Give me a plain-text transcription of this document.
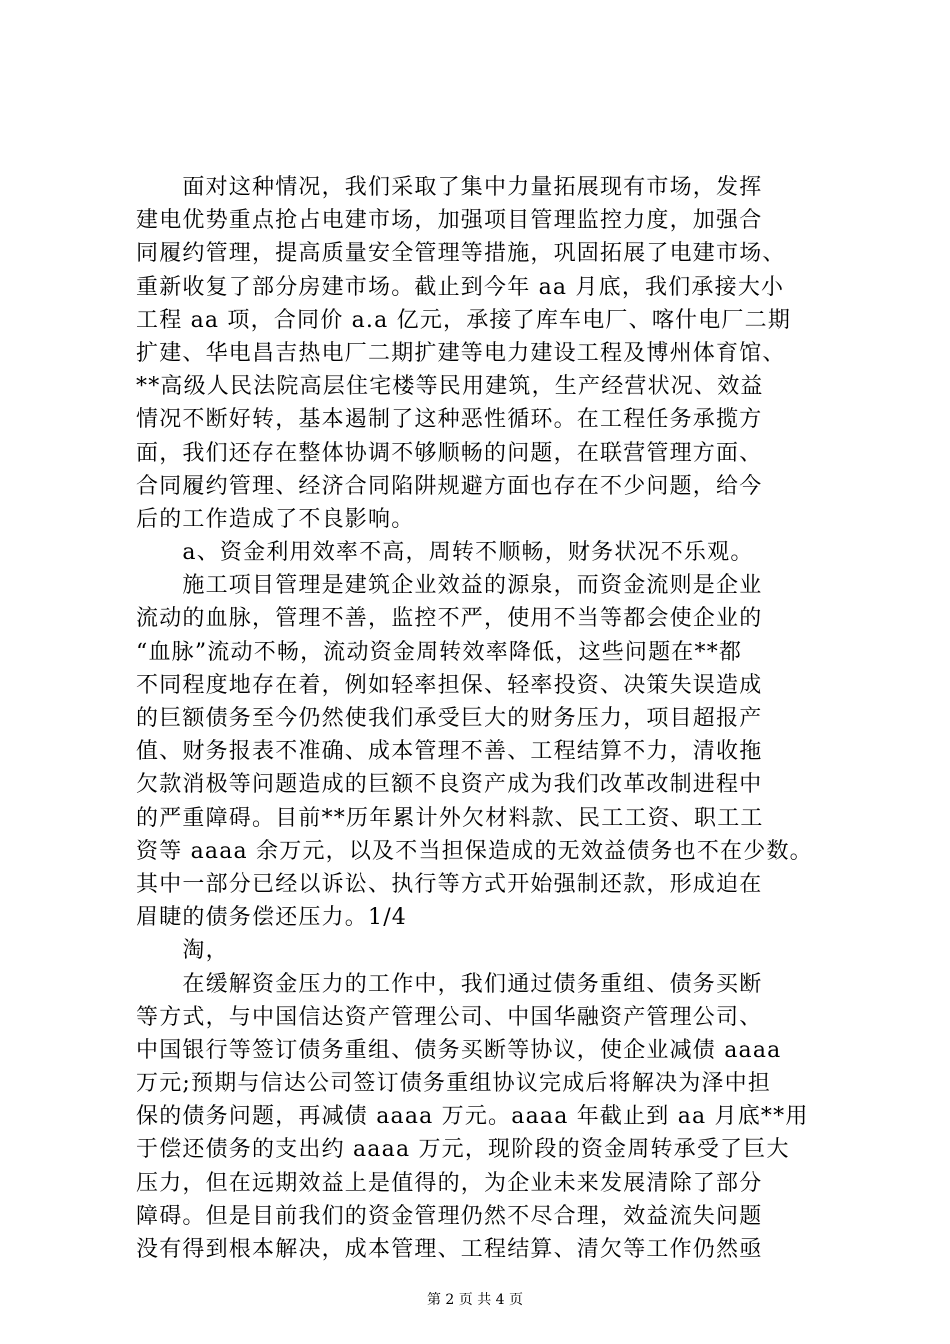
　　面对这种情况，我们采取了集中力量拓展现有市场，发挥
建电优势重点抢占电建市场，加强项目管理监控力度，加强合
同履约管理，提高质量安全管理等措施，巩固拓展了电建市场、
重新收复了部分房建市场。截止到今年 aa 月底，我们承接大小
工程 aa 项，合同价 a.a 亿元，承接了库车电厂、喀什电厂二期
扩建、华电昌吉热电厂二期扩建等电力建设工程及博州体育馆、
**高级人民法院高层住宅楼等民用建筑，生产经营状况、效益
情况不断好转，基本遏制了这种恶性循环。在工程任务承揽方
面，我们还存在整体协调不够顺畅的问题，在联营管理方面、
合同履约管理、经济合同陷阱规避方面也存在不少问题，给今
后的工作造成了不良影响。
　　a、资金利用效率不高，周转不顺畅，财务状况不乐观。
　　施工项目管理是建筑企业效益的源泉，而资金流则是企业
流动的血脉，管理不善，监控不严，使用不当等都会使企业的
“血脉”流动不畅，流动资金周转效率降低，这些问题在**都
不同程度地存在着，例如轻率担保、轻率投资、决策失误造成
的巨额债务至今仍然使我们承受巨大的财务压力，项目超报产
值、财务报表不准确、成本管理不善、工程结算不力，清收拖
欠款消极等问题造成的巨额不良资产成为我们改革改制进程中
的严重障碍。目前**历年累计外欠材料款、民工工资、职工工
资等 aaaa 余万元，以及不当担保造成的无效益债务也不在少数。
其中一部分已经以诉讼、执行等方式开始强制还款，形成迫在
眉睫的债务偿还压力。1/4
　　淘，
　　在缓解资金压力的工作中，我们通过债务重组、债务买断
等方式，与中国信达资产管理公司、中国华融资产管理公司、
中国银行等签订债务重组、债务买断等协议，使企业减债 aaaa
万元;预期与信达公司签订债务重组协议完成后将解决为泽中担
保的债务问题，再减债 aaaa 万元。aaaa 年截止到 aa 月底**用
于偿还债务的支出约 aaaa 万元，现阶段的资金周转承受了巨大
压力，但在远期效益上是值得的，为企业未来发展清除了部分
障碍。但是目前我们的资金管理仍然不尽合理，效益流失问题
没有得到根本解决，成本管理、工程结算、清欠等工作仍然亟
第 2 页 共 4 页
